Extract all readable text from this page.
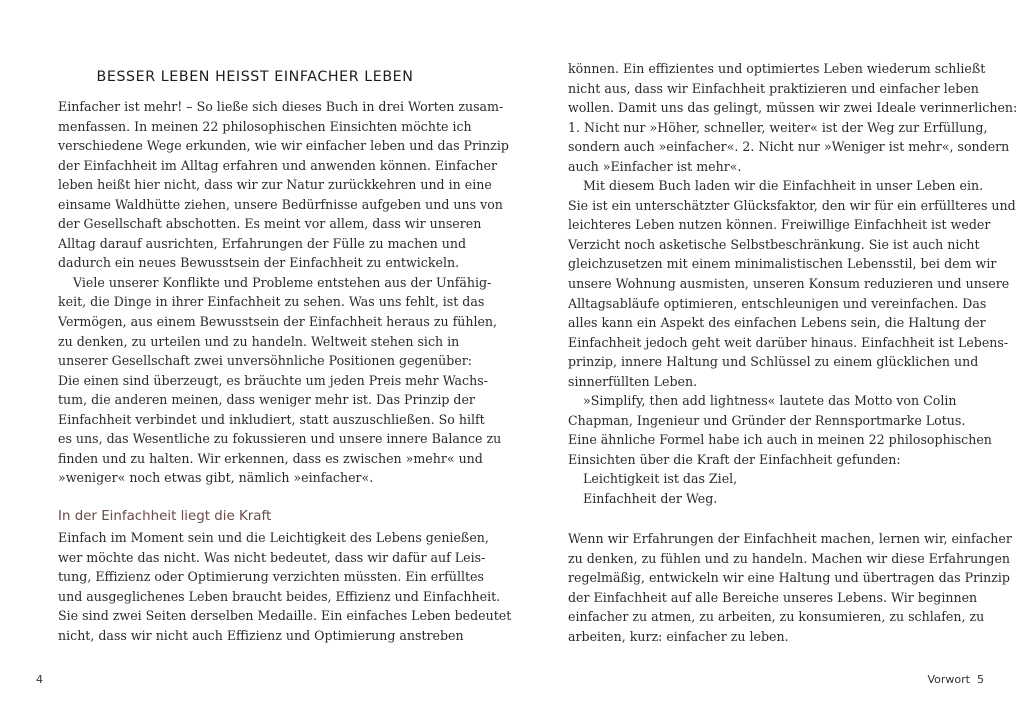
BESSER LEBEN HEISST EINFACHER LEBEN
Einfacher ist mehr! – So ließe sich dieses Buch in drei Worten zusam-
menfassen. In meinen 22 philosophischen Einsichten möchte ich
verschiedene Wege erkunden, wie wir einfacher leben und das Prinzip
der Einfachheit im Alltag erfahren und anwenden können. Einfacher
leben heißt hier nicht, dass wir zur Natur zurückkehren und in eine
einsame Waldhütte ziehen, unsere Bedürfnisse aufgeben und uns von
der Gesellschaft abschotten. Es meint vor allem, dass wir unseren
Alltag darauf ausrichten, Erfahrungen der Fülle zu machen und
dadurch ein neues Bewusstsein der Einfachheit zu entwickeln.
Viele unserer Konflikte und Probleme entstehen aus der Unfähig-
keit, die Dinge in ihrer Einfachheit zu sehen. Was uns fehlt, ist das
Vermögen, aus einem Bewusstsein der Einfachheit heraus zu fühlen,
zu denken, zu urteilen und zu handeln. Weltweit stehen sich in
unserer Gesellschaft zwei unversöhnliche Positionen gegenüber:
Die einen sind überzeugt, es bräuchte um jeden Preis mehr Wachs-
tum, die anderen meinen, dass weniger mehr ist. Das Prinzip der
Einfachheit verbindet und inkludiert, statt auszuschließen. So hilft
es uns, das Wesentliche zu fokussieren und unsere innere Balance zu
finden und zu halten. Wir erkennen, dass es zwischen »mehr« und
»weniger« noch etwas gibt, nämlich »einfacher«.
In der Einfachheit liegt die Kraft
Einfach im Moment sein und die Leichtigkeit des Lebens genießen,
wer möchte das nicht. Was nicht bedeutet, dass wir dafür auf Leis-
tung, Effizienz oder Optimierung verzichten müssten. Ein erfülltes
und ausgeglichenes Leben braucht beides, Effizienz und Einfachheit.
Sie sind zwei Seiten derselben Medaille. Ein einfaches Leben bedeutet
nicht, dass wir nicht auch Effizienz und Optimierung anstreben
4
können. Ein effizientes und optimiertes Leben wiederum schließt
nicht aus, dass wir Einfachheit praktizieren und einfacher leben
wollen. Damit uns das gelingt, müssen wir zwei Ideale verinnerlichen:
1. Nicht nur »Höher, schneller, weiter« ist der Weg zur Erfüllung,
sondern auch »einfacher«. 2. Nicht nur »Weniger ist mehr«, sondern
auch »Einfacher ist mehr«.
Mit diesem Buch laden wir die Einfachheit in unser Leben ein.
Sie ist ein unterschätzter Glücksfaktor, den wir für ein erfüllteres und
leichteres Leben nutzen können. Freiwillige Einfachheit ist weder
Verzicht noch asketische Selbstbeschränkung. Sie ist auch nicht
gleichzusetzen mit einem minimalistischen Lebensstil, bei dem wir
unsere Wohnung ausmisten, unseren Konsum reduzieren und unsere
Alltagsabläufe optimieren, entschleunigen und vereinfachen. Das
alles kann ein Aspekt des einfachen Lebens sein, die Haltung der
Einfachheit jedoch geht weit darüber hinaus. Einfachheit ist Lebens-
prinzip, innere Haltung und Schlüssel zu einem glücklichen und
sinnerfüllten Leben.
»Simplify, then add lightness« lautete das Motto von Colin
Chapman, Ingenieur und Gründer der Rennsportmarke Lotus.
Eine ähnliche Formel habe ich auch in meinen 22 philosophischen
Einsichten über die Kraft der Einfachheit gefunden:
Leichtigkeit ist das Ziel,
Einfachheit der Weg.
Wenn wir Erfahrungen der Einfachheit machen, lernen wir, einfacher
zu denken, zu fühlen und zu handeln. Machen wir diese Erfahrungen
regelmäßig, entwickeln wir eine Haltung und übertragen das Prinzip
der Einfachheit auf alle Bereiche unseres Lebens. Wir beginnen
einfacher zu atmen, zu arbeiten, zu konsumieren, zu schlafen, zu
arbeiten, kurz: einfacher zu leben.
Vorwort 5
